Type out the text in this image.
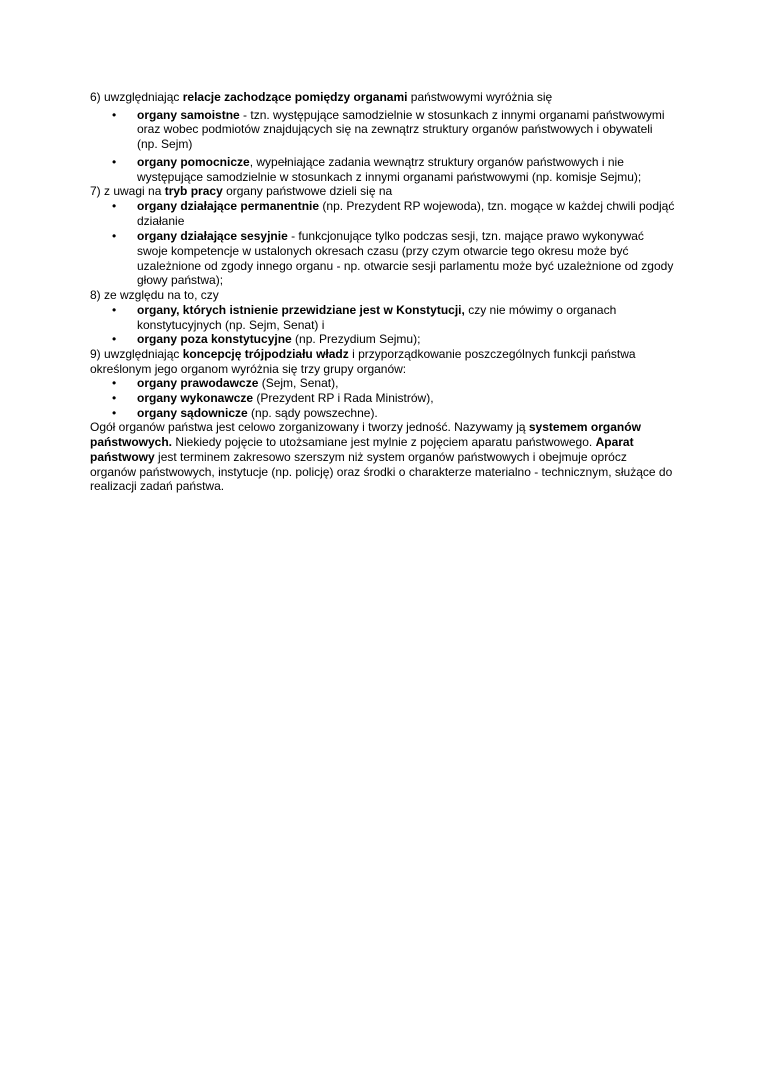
6) uwzględniając relacje zachodzące pomiędzy organami państwowymi wyróżnia się

• organy samoistne - tzn. występujące samodzielnie w stosunkach z innymi organami państwowymi oraz wobec podmiotów znajdujących się na zewnątrz struktury organów państwowych i obywateli (np. Sejm)
• organy pomocnicze, wypełniające zadania wewnątrz struktury organów państwowych i nie występujące samodzielnie w stosunkach z innymi organami państwowymi (np. komisje Sejmu);

7) z uwagi na tryb pracy organy państwowe dzieli się na

• organy działające permanentnie (np. Prezydent RP wojewoda), tzn. mogące w każdej chwili podjąć działanie
• organy działające sesyjnie - funkcjonujące tylko podczas sesji, tzn. mające prawo wykonywać swoje kompetencje w ustalonych okresach czasu (przy czym otwarcie tego okresu może być uzależnione od zgody innego organu - np. otwarcie sesji parlamentu może być uzależnione od zgody głowy państwa);

8) ze względu na to, czy

• organy, których istnienie przewidziane jest w Konstytucji, czy nie mówimy o organach konstytucyjnych (np. Sejm, Senat) i
• organy poza konstytucyjne (np. Prezydium Sejmu);

9) uwzględniając koncepcję trójpodziału władz i przyporządkowanie poszczególnych funkcji państwa określonym jego organom wyróżnia się trzy grupy organów:

• organy prawodawcze (Sejm, Senat),
• organy wykonawcze (Prezydent RP i Rada Ministrów),
• organy sądownicze (np. sądy powszechne).

Ogół organów państwa jest celowo zorganizowany i tworzy jedność. Nazywamy ją systemem organów państwowych. Niekiedy pojęcie to utożsamiane jest mylnie z pojęciem aparatu państwowego. Aparat państwowy jest terminem zakresowo szerszym niż system organów państwowych i obejmuje oprócz organów państwowych, instytucje (np. policję) oraz środki o charakterze materialno - technicznym, służące do realizacji zadań państwa.
